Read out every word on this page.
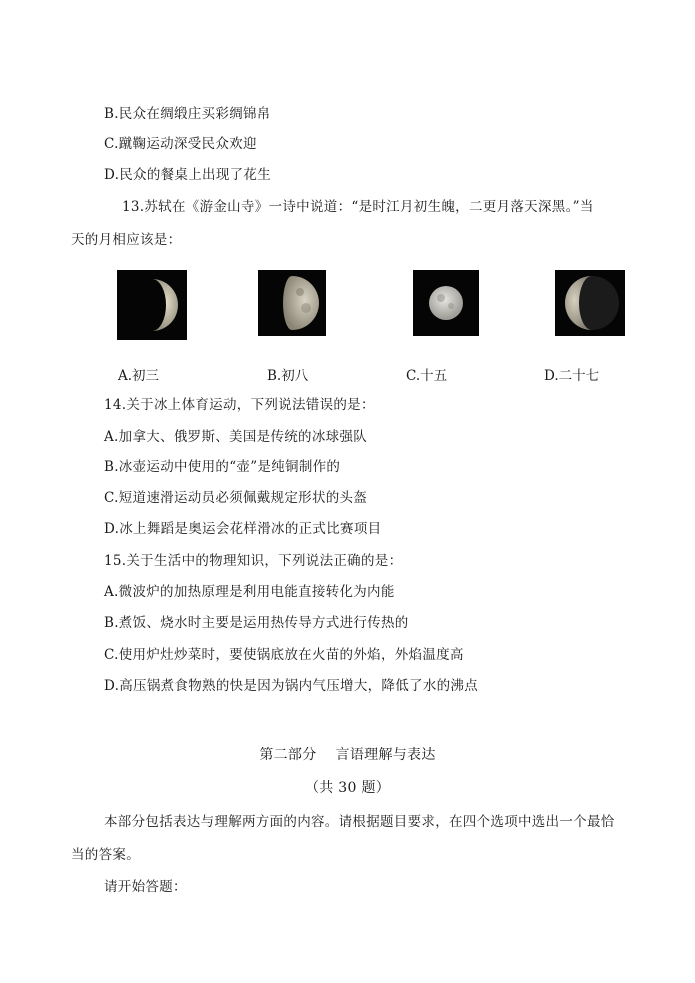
B.民众在绸缎庄买彩绸锦帛
C.蹴鞠运动深受民众欢迎
D.民众的餐桌上出现了花生
13.苏轼在《游金山寺》一诗中说道：“是时江月初生魄，二更月落天深黑。”当
天的月相应该是：
A.初三	B.初八	C.十五	D.二十七
14.关于冰上体育运动，下列说法错误的是：
A.加拿大、俄罗斯、美国是传统的冰球强队
B.冰壶运动中使用的“壶”是纯铜制作的
C.短道速滑运动员必须佩戴规定形状的头盔
D.冰上舞蹈是奥运会花样滑冰的正式比赛项目
15.关于生活中的物理知识，下列说法正确的是：
A.微波炉的加热原理是利用电能直接转化为内能
B.煮饭、烧水时主要是运用热传导方式进行传热的
C.使用炉灶炒菜时，要使锅底放在火苗的外焰，外焰温度高
D.高压锅煮食物熟的快是因为锅内气压增大，降低了水的沸点
第二部分　 言语理解与表达
（共 30 题）
本部分包括表达与理解两方面的内容。请根据题目要求，在四个选项中选出一个最恰
当的答案。
请开始答题：
